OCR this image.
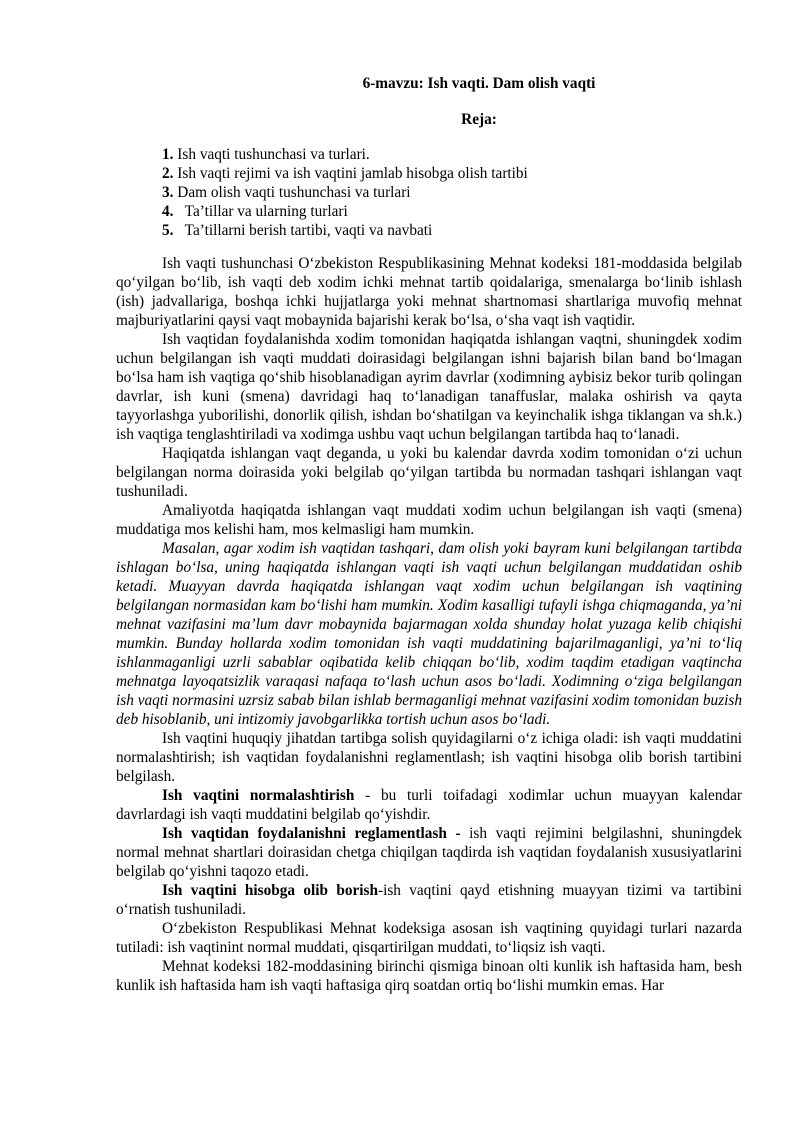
6-mavzu: Ish vaqti. Dam olish vaqti
Reja:
1. Ish vaqti tushunchasi va turlari.
2. Ish vaqti rejimi va ish vaqtini jamlab hisobga olish tartibi
3. Dam olish vaqti tushunchasi va turlari
4.   Ta’tillar va ularning turlari
5.   Ta’tillarni berish tartibi, vaqti va navbati

Ish vaqti tushunchasi O‘zbekiston Respublikasining Mehnat kodeksi 181-moddasida belgilab qo‘yilgan bo‘lib, ish vaqti deb xodim ichki mehnat tartib qoidalariga, smenalarga bo‘linib ishlash (ish) jadvallariga, boshqa ichki hujjatlarga yoki mehnat shartnomasi shartlariga muvofiq mehnat majburiyatlarini qaysi vaqt mobaynida bajarishi kerak bo‘lsa, o‘sha vaqt ish vaqtidir.

Ish vaqtidan foydalanishda xodim tomonidan haqiqatda ishlangan vaqtni, shuningdek xodim uchun belgilangan ish vaqti muddati doirasidagi belgilangan ishni bajarish bilan band bo‘lmagan bo‘lsa ham ish vaqtiga qo‘shib hisoblanadigan ayrim davrlar (xodimning aybisiz bekor turib qolingan davrlar, ish kuni (smena) davridagi haq to‘lanadigan tanaffuslar, malaka oshirish va qayta tayyorlashga yuborilishi, donorlik qilish, ishdan bo‘shatilgan va keyinchalik ishga tiklangan va sh.k.) ish vaqtiga tenglashtiriladi va xodimga ushbu vaqt uchun belgilangan tartibda haq to‘lanadi.

Haqiqatda ishlangan vaqt deganda, u yoki bu kalendar davrda xodim tomonidan o‘zi uchun belgilangan norma doirasida yoki belgilab qo‘yilgan tartibda bu normadan tashqari ishlangan vaqt tushuniladi.

Amaliyotda haqiqatda ishlangan vaqt muddati xodim uchun belgilangan ish vaqti (smena) muddatiga mos kelishi ham, mos kelmasligi ham mumkin.

Masalan, agar xodim ish vaqtidan tashqari, dam olish yoki bayram kuni belgilangan tartibda ishlagan bo‘lsa, uning haqiqatda ishlangan vaqti ish vaqti uchun belgilangan muddatidan oshib ketadi. Muayyan davrda haqiqatda ishlangan vaqt xodim uchun belgilangan ish vaqtining belgilangan normasidan kam bo‘lishi ham mumkin. Xodim kasalligi tufayli ishga chiqmaganda, ya’ni mehnat vazifasini ma’lum davr mobaynida bajarmagan xolda shunday holat yuzaga kelib chiqishi mumkin. Bunday hollarda xodim tomonidan ish vaqti muddatining bajarilmaganligi, ya’ni to‘liq ishlanmaganligi uzrli sabablar oqibatida kelib chiqqan bo‘lib, xodim taqdim etadigan vaqtincha mehnatga layoqatsizlik varaqasi nafaqa to‘lash uchun asos bo‘ladi. Xodimning o‘ziga belgilangan ish vaqti normasini uzrsiz sabab bilan ishlab bermaganligi mehnat vazifasini xodim tomonidan buzish deb hisoblanib, uni intizomiy javobgarlikka tortish uchun asos bo‘ladi.

Ish vaqtini huquqiy jihatdan tartibga solish quyidagilarni o‘z ichiga oladi: ish vaqti muddatini normalashtirish; ish vaqtidan foydalanishni reglamentlash; ish vaqtini hisobga olib borish tartibini belgilash.

Ish vaqtini normalashtirish - bu turli toifadagi xodimlar uchun muayyan kalendar davrlardagi ish vaqti muddatini belgilab qo‘yishdir.

Ish vaqtidan foydalanishni reglamentlash - ish vaqti rejimini belgilashni, shuningdek normal mehnat shartlari doirasidan chetga chiqilgan taqdirda ish vaqtidan foydalanish xususiyatlarini belgilab qo‘yishni taqozo etadi.

Ish vaqtini hisobga olib borish-ish vaqtini qayd etishning muayyan tizimi va tartibini o‘rnatish tushuniladi.

O‘zbekiston Respublikasi Mehnat kodeksiga asosan ish vaqtining quyidagi turlari nazarda tutiladi: ish vaqtinint normal muddati, qisqartirilgan muddati, to‘liqsiz ish vaqti.

Mehnat kodeksi 182-moddasining birinchi qismiga binoan olti kunlik ish haftasida ham, besh kunlik ish haftasida ham ish vaqti haftasiga qirq soatdan ortiq bo‘lishi mumkin emas. Har
